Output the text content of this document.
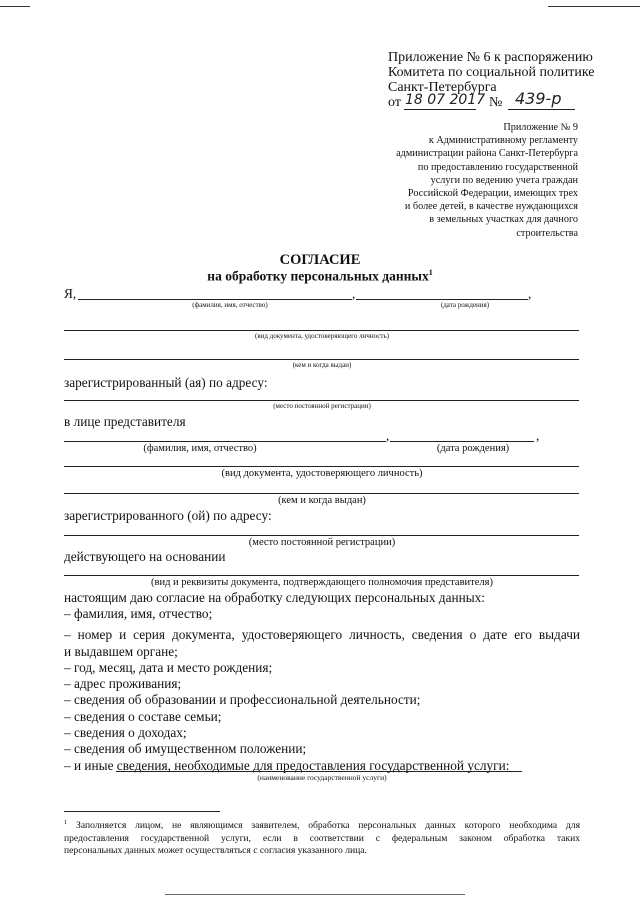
Приложение № 6 к распоряжению
Комитета по социальной политике
Санкт-Петербурга
от 18 07 2017 № 439-р
Приложение № 9
к Административному регламенту
администрации района Санкт-Петербурга
по предоставлению государственной
услуги по ведению учета граждан
Российской Федерации, имеющих трех
и более детей, в качестве нуждающихся
в земельных участках для дачного
строительства
СОГЛАСИЕ
на обработку персональных данных$^1$
Я,	,	,
(фамилия, имя, отчество)	(дата рождения)
(вид документа, удостоверяющего личность)
(кем и когда выдан)
зарегистрированный (ая) по адресу:
(место постоянной регистрации)
в лице представителя
,	,
(фамилия, имя, отчество)	(дата рождения)
(вид документа, удостоверяющего личность)
(кем и когда выдан)
зарегистрированного (ой) по адресу:
(место постоянной регистрации)
действующего на основании
(вид и реквизиты документа, подтверждающего полномочия представителя)
настоящим даю согласие на обработку следующих персональных данных:
– фамилия, имя, отчество;
– номер и серия документа, удостоверяющего личность, сведения о дате его выдачи
и выдавшем органе;
– год, месяц, дата и место рождения;
– адрес проживания;
– сведения об образовании и профессиональной деятельности;
– сведения о составе семьи;
– сведения о доходах;
– сведения об имущественном положении;
– и иные сведения, необходимые для предоставления государственной услуги:
(наименование государственной услуги)
$^1$ Заполняется лицом, не являющимся заявителем, обработка персональных данных которого необходима для
предоставления государственной услуги, если в соответствии с федеральным законом обработка таких
персональных данных может осуществляться с согласия указанного лица.
